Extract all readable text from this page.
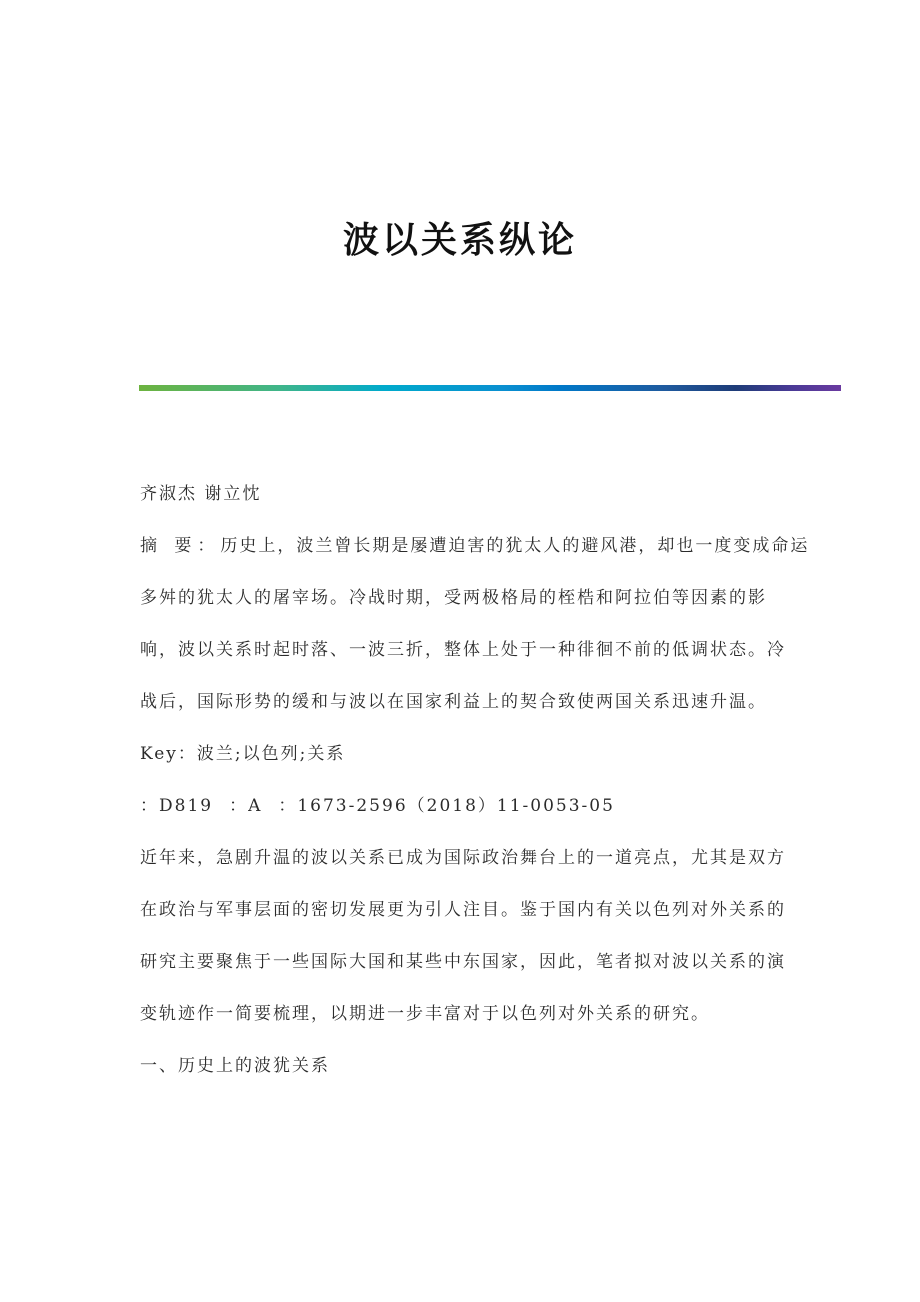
波以关系纵论
齐淑杰 谢立忱
摘 要：历史上，波兰曾长期是屡遭迫害的犹太人的避风港，却也一度变成命运
多舛的犹太人的屠宰场。冷战时期，受两极格局的桎梏和阿拉伯等因素的影
响，波以关系时起时落、一波三折，整体上处于一种徘徊不前的低调状态。冷
战后，国际形势的缓和与波以在国家利益上的契合致使两国关系迅速升温。
Key：波兰;以色列;关系
：D819 ：A ：1673-2596（2018）11-0053-05
近年来，急剧升温的波以关系已成为国际政治舞台上的一道亮点，尤其是双方
在政治与军事层面的密切发展更为引人注目。鉴于国内有关以色列对外关系的
研究主要聚焦于一些国际大国和某些中东国家，因此，笔者拟对波以关系的演
变轨迹作一简要梳理，以期进一步丰富对于以色列对外关系的研究。
一、历史上的波犹关系
